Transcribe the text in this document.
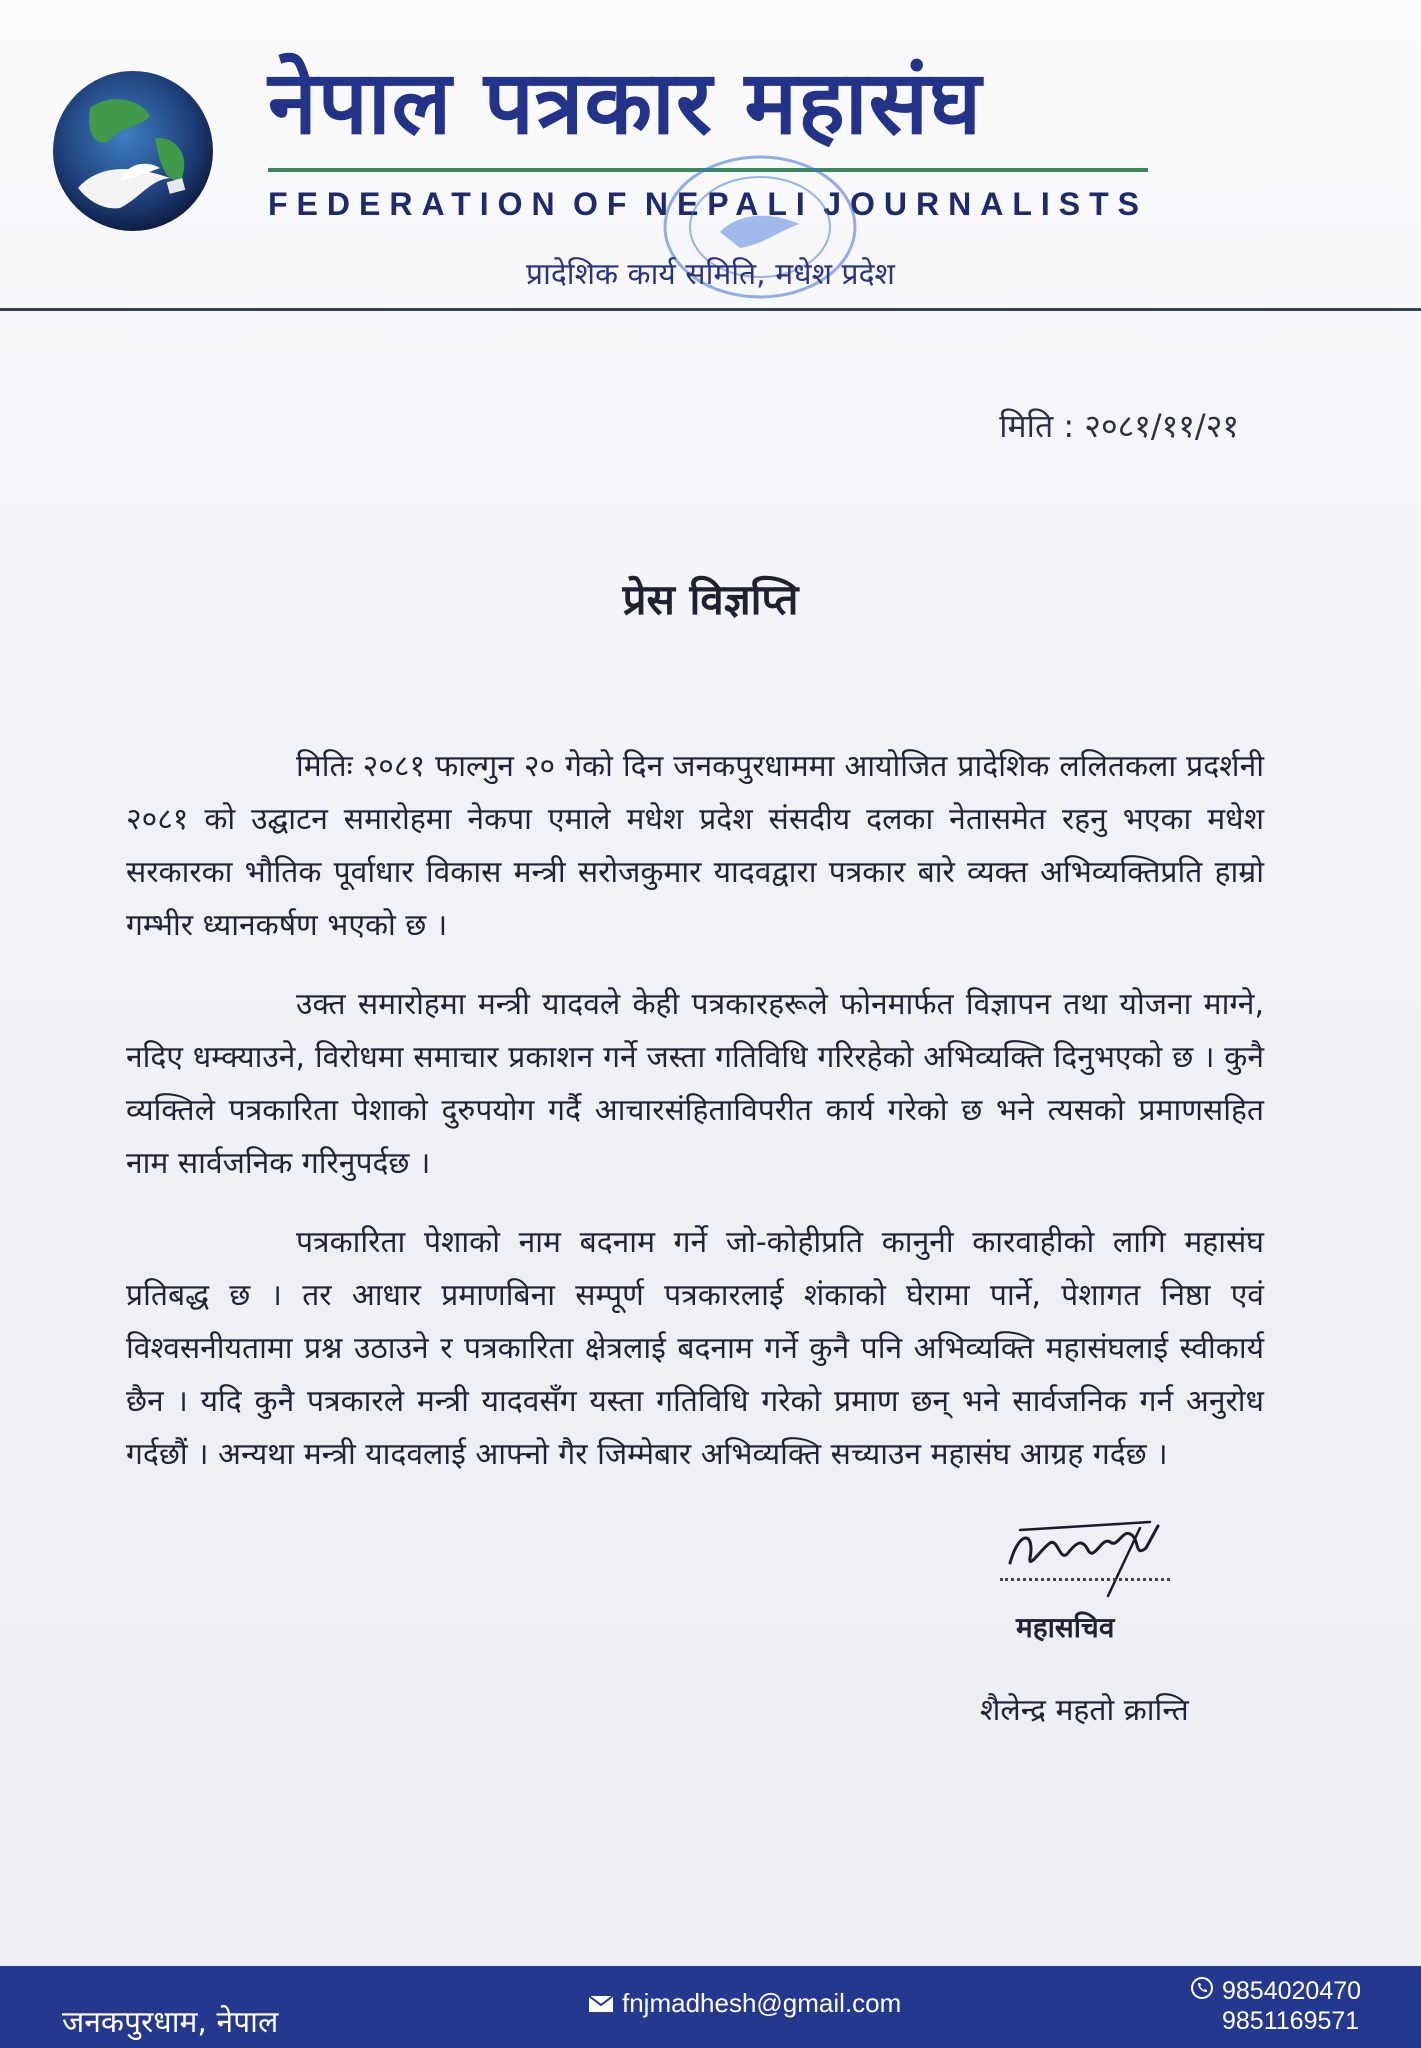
नेपाल पत्रकार महासंघ
FEDERATION OF NEPALI JOURNALISTS
प्रादेशिक कार्य समिति, मधेश प्रदेश
मिति : २०८१/११/२१
प्रेस विज्ञप्ति

मितिः २०८१ फाल्गुन २० गेको दिन जनकपुरधाममा आयोजित प्रादेशिक ललितकला प्रदर्शनी २०८१ को उद्घाटन समारोहमा नेकपा एमाले मधेश प्रदेश संसदीय दलका नेतासमेत रहनु भएका मधेश सरकारका भौतिक पूर्वाधार विकास मन्त्री सरोजकुमार यादवद्वारा पत्रकार बारे व्यक्त अभिव्यक्तिप्रति हाम्रो गम्भीर ध्यानकर्षण भएको छ ।

उक्त समारोहमा मन्त्री यादवले केही पत्रकारहरूले फोनमार्फत विज्ञापन तथा योजना माग्ने, नदिए धम्क्याउने, विरोधमा समाचार प्रकाशन गर्ने जस्ता गतिविधि गरिरहेको अभिव्यक्ति दिनुभएको छ । कुनै व्यक्तिले पत्रकारिता पेशाको दुरुपयोग गर्दै आचारसंहिताविपरीत कार्य गरेको छ भने त्यसको प्रमाणसहित नाम सार्वजनिक गरिनुपर्दछ ।

पत्रकारिता पेशाको नाम बदनाम गर्ने जो-कोहीप्रति कानुनी कारवाहीको लागि महासंघ प्रतिबद्ध छ । तर आधार प्रमाणबिना सम्पूर्ण पत्रकारलाई शंकाको घेरामा पार्ने, पेशागत निष्ठा एवं विश्वसनीयतामा प्रश्न उठाउने र पत्रकारिता क्षेत्रलाई बदनाम गर्ने कुनै पनि अभिव्यक्ति महासंघलाई स्वीकार्य छैन । यदि कुनै पत्रकारले मन्त्री यादवसँग यस्ता गतिविधि गरेको प्रमाण छन् भने सार्वजनिक गर्न अनुरोध गर्दछौं । अन्यथा मन्त्री यादवलाई आफ्नो गैर जिम्मेबार अभिव्यक्ति सच्याउन महासंघ आग्रह गर्दछ ।

महासचिव
शैलेन्द्र महतो क्रान्ति
जनकपुरधाम, नेपाल
fnjmadhesh@gmail.com	9854020470
9851169571
